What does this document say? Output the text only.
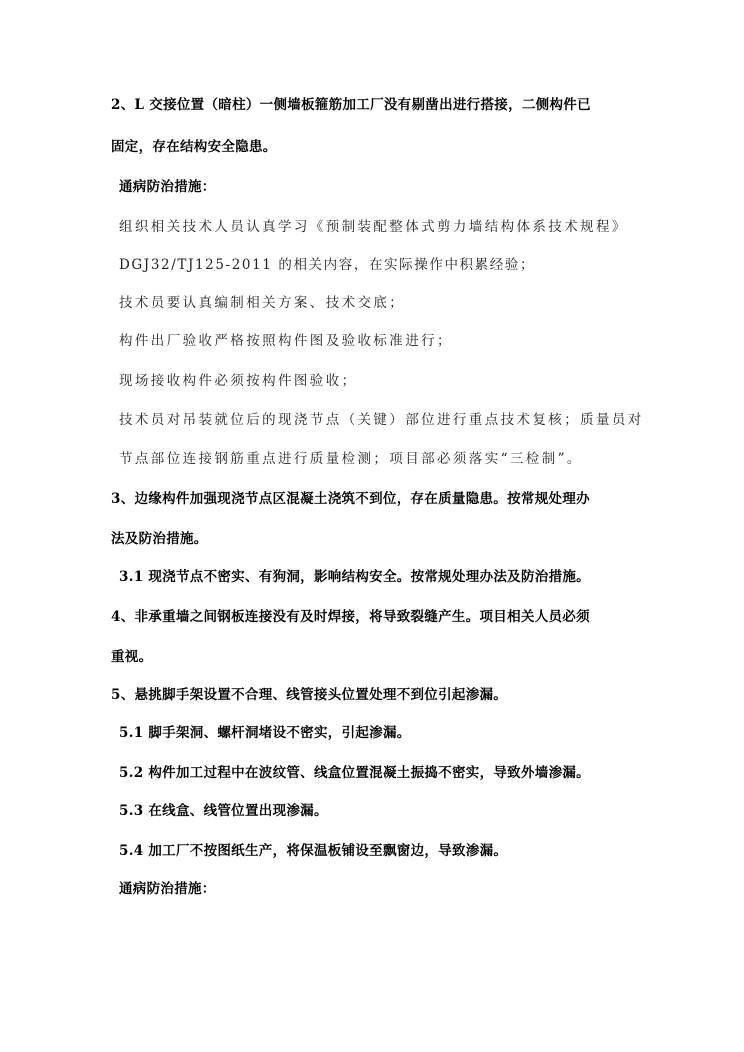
2、L 交接位置（暗柱）一侧墙板箍筋加工厂没有剔凿出进行搭接，二侧构件已
固定，存在结构安全隐患。
通病防治措施：
组织相关技术人员认真学习《预制装配整体式剪力墙结构体系技术规程》
DGJ32/TJ125-2011 的相关内容，在实际操作中积累经验；
技术员要认真编制相关方案、技术交底；
构件出厂验收严格按照构件图及验收标准进行；
现场接收构件必须按构件图验收；
技术员对吊装就位后的现浇节点（关键）部位进行重点技术复核；质量员对
节点部位连接钢筋重点进行质量检测；项目部必须落实“三检制”。
3、边缘构件加强现浇节点区混凝土浇筑不到位，存在质量隐患。按常规处理办
法及防治措施。
3.1 现浇节点不密实、有狗洞，影响结构安全。按常规处理办法及防治措施。
4、非承重墙之间钢板连接没有及时焊接，将导致裂缝产生。项目相关人员必须
重视。
5、悬挑脚手架设置不合理、线管接头位置处理不到位引起渗漏。
5.1 脚手架洞、螺杆洞堵设不密实，引起渗漏。
5.2 构件加工过程中在波纹管、线盒位置混凝土振捣不密实，导致外墙渗漏。
5.3 在线盒、线管位置出现渗漏。
5.4 加工厂不按图纸生产，将保温板铺设至飘窗边，导致渗漏。
通病防治措施：
